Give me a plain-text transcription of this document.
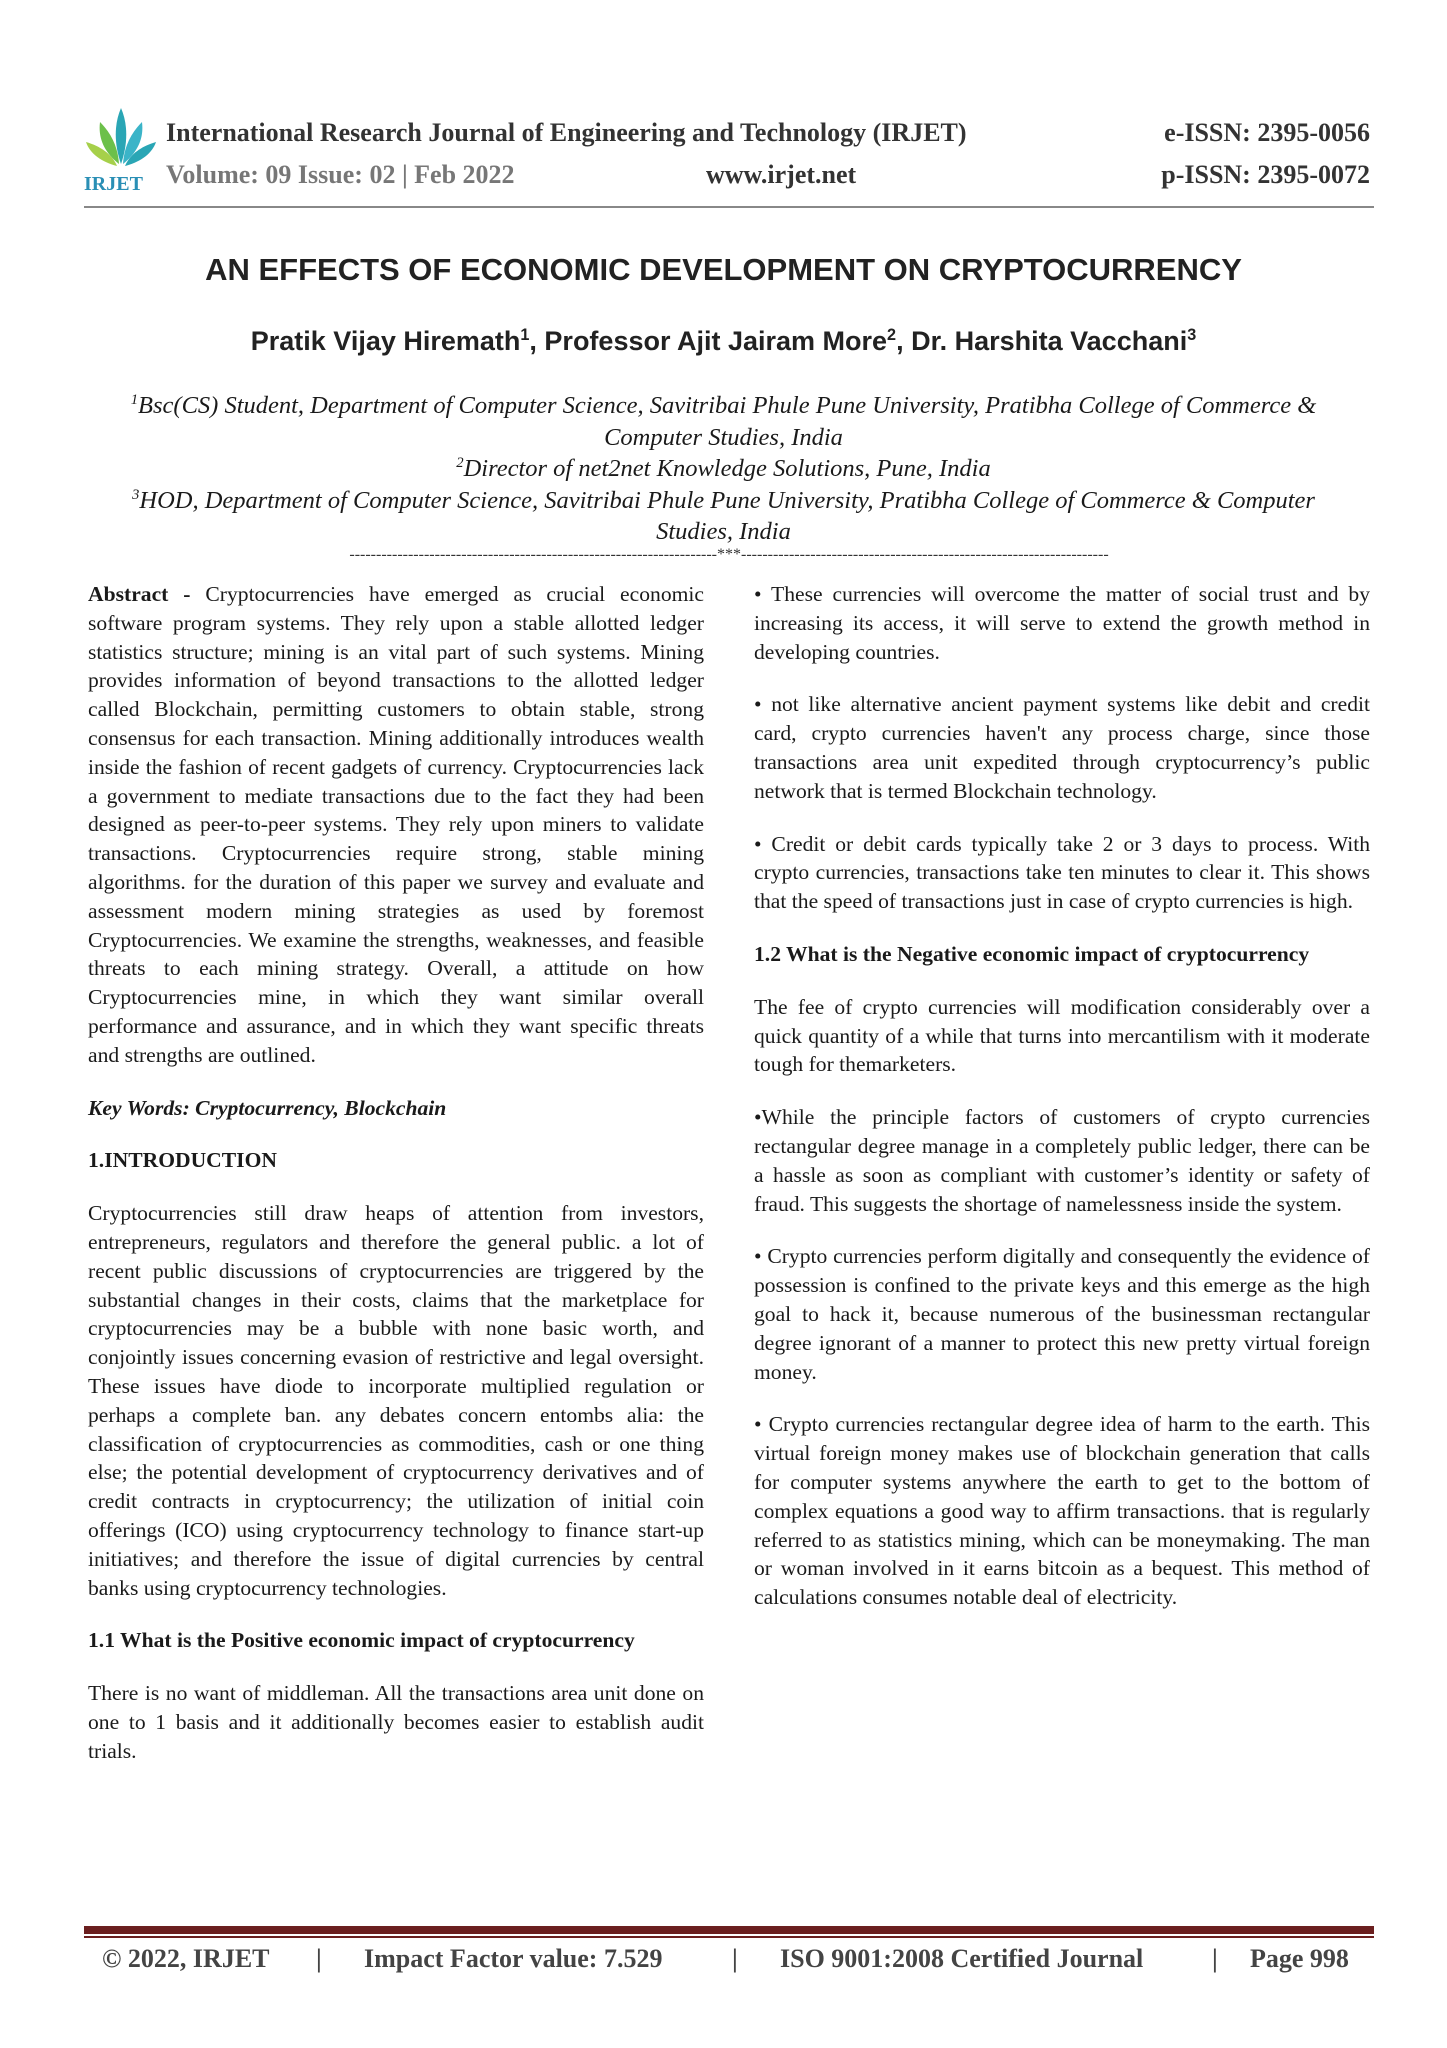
IRJET
International Research Journal of Engineering and Technology (IRJET)
Volume: 09 Issue: 02 | Feb 2022	www.irjet.net
e-ISSN: 2395-0056
p-ISSN: 2395-0072
AN EFFECTS OF ECONOMIC DEVELOPMENT ON CRYPTOCURRENCY
Pratik Vijay Hiremath$^1$, Professor Ajit Jairam More$^2$, Dr. Harshita Vacchani$^3$
$^1$Bsc(CS) Student, Department of Computer Science, Savitribai Phule Pune University, Pratibha College of Commerce & Computer Studies, India
$^2$Director of net2net Knowledge Solutions, Pune, India
$^3$HOD, Department of Computer Science, Savitribai Phule Pune University, Pratibha College of Commerce & Computer Studies, India
---------------------------------------------------------------------***---------------------------------------------------------------------

Abstract - Cryptocurrencies have emerged as crucial economic software program systems. They rely upon a stable allotted ledger statistics structure; mining is an vital part of such systems. Mining provides information of beyond transactions to the allotted ledger called Blockchain, permitting customers to obtain stable, strong consensus for each transaction. Mining additionally introduces wealth inside the fashion of recent gadgets of currency. Cryptocurrencies lack a government to mediate transactions due to the fact they had been designed as peer-to-peer systems. They rely upon miners to validate transactions. Cryptocurrencies require strong, stable mining algorithms. for the duration of this paper we survey and evaluate and assessment modern mining strategies as used by foremost Cryptocurrencies. We examine the strengths, weaknesses, and feasible threats to each mining strategy. Overall, a attitude on how Cryptocurrencies mine, in which they want similar overall performance and assurance, and in which they want specific threats and strengths are outlined.

Key Words: Cryptocurrency, Blockchain

1.INTRODUCTION

Cryptocurrencies still draw heaps of attention from investors, entrepreneurs, regulators and therefore the general public. a lot of recent public discussions of cryptocurrencies are triggered by the substantial changes in their costs, claims that the marketplace for cryptocurrencies may be a bubble with none basic worth, and conjointly issues concerning evasion of restrictive and legal oversight. These issues have diode to incorporate multiplied regulation or perhaps a complete ban. any debates concern entombs alia: the classification of cryptocurrencies as commodities, cash or one thing else; the potential development of cryptocurrency derivatives and of credit contracts in cryptocurrency; the utilization of initial coin offerings (ICO) using cryptocurrency technology to finance start-up initiatives; and therefore the issue of digital currencies by central banks using cryptocurrency technologies.

1.1 What is the Positive economic impact of cryptocurrency

There is no want of middleman. All the transactions area unit done on one to 1 basis and it additionally becomes easier to establish audit trials.

• These currencies will overcome the matter of social trust and by increasing its access, it will serve to extend the growth method in developing countries.

• not like alternative ancient payment systems like debit and credit card, crypto currencies haven't any process charge, since those transactions area unit expedited through cryptocurrency’s public network that is termed Blockchain technology.

• Credit or debit cards typically take 2 or 3 days to process. With crypto currencies, transactions take ten minutes to clear it. This shows that the speed of transactions just in case of crypto currencies is high.

1.2 What is the Negative economic impact of cryptocurrency

The fee of crypto currencies will modification considerably over a quick quantity of a while that turns into mercantilism with it moderate tough for themarketers.

•While the principle factors of customers of crypto currencies rectangular degree manage in a completely public ledger, there can be a hassle as soon as compliant with customer’s identity or safety of fraud. This suggests the shortage of namelessness inside the system.

• Crypto currencies perform digitally and consequently the evidence of possession is confined to the private keys and this emerge as the high goal to hack it, because numerous of the businessman rectangular degree ignorant of a manner to protect this new pretty virtual foreign money.

• Crypto currencies rectangular degree idea of harm to the earth. This virtual foreign money makes use of blockchain generation that calls for computer systems anywhere the earth to get to the bottom of complex equations a good way to affirm transactions. that is regularly referred to as statistics mining, which can be moneymaking. The man or woman involved in it earns bitcoin as a bequest. This method of calculations consumes notable deal of electricity.

© 2022, IRJET | Impact Factor value: 7.529	| ISO 9001:2008 Certified Journal	| Page 998
